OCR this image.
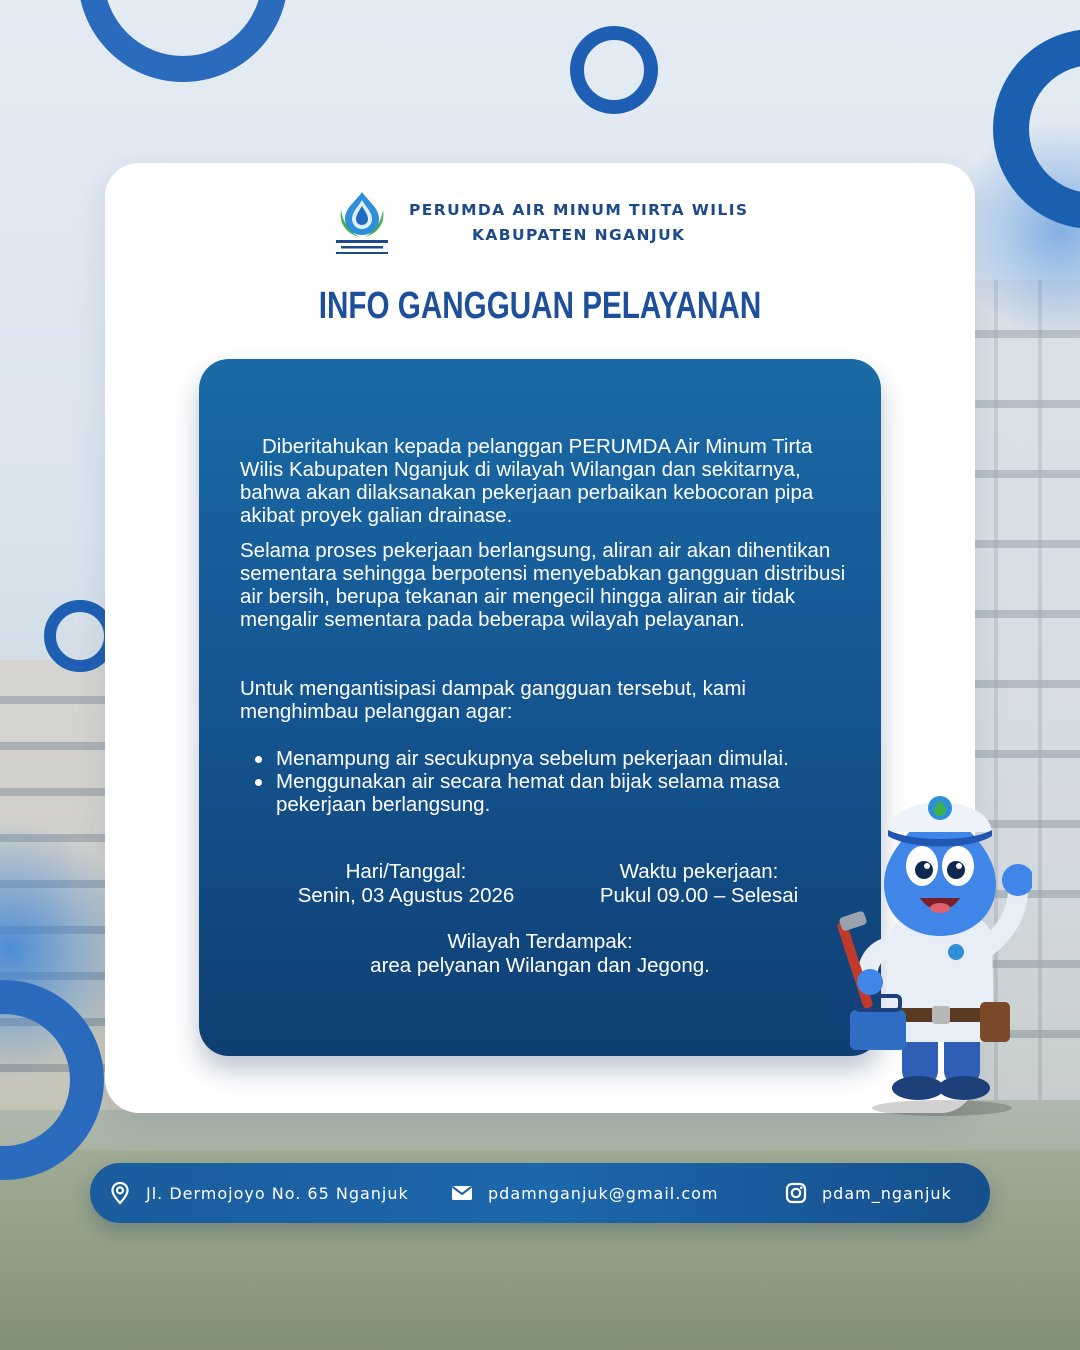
PERUMDA AIR MINUM TIRTA WILIS
KABUPATEN NGANJUK
INFO GANGGUAN PELAYANAN
Diberitahukan kepada pelanggan PERUMDA Air Minum Tirta Wilis Kabupaten Nganjuk di wilayah Wilangan dan sekitarnya, bahwa akan dilaksanakan pekerjaan perbaikan kebocoran pipa akibat proyek galian drainase.
Selama proses pekerjaan berlangsung, aliran air akan dihentikan sementara sehingga berpotensi menyebabkan gangguan distribusi air bersih, berupa tekanan air mengecil hingga aliran air tidak mengalir sementara pada beberapa wilayah pelayanan.
Untuk mengantisipasi dampak gangguan tersebut, kami menghimbau pelanggan agar:
Menampung air secukupnya sebelum pekerjaan dimulai.
Menggunakan air secara hemat dan bijak selama masa pekerjaan berlangsung.
Hari/Tanggal:
Senin, 03 Agustus 2026
Waktu pekerjaan:
Pukul 09.00 – Selesai
Wilayah Terdampak:
area pelyanan Wilangan dan Jegong.
Jl. Dermojoyo No. 65 Nganjuk	pdamnganjuk@gmail.com	pdam_nganjuk
